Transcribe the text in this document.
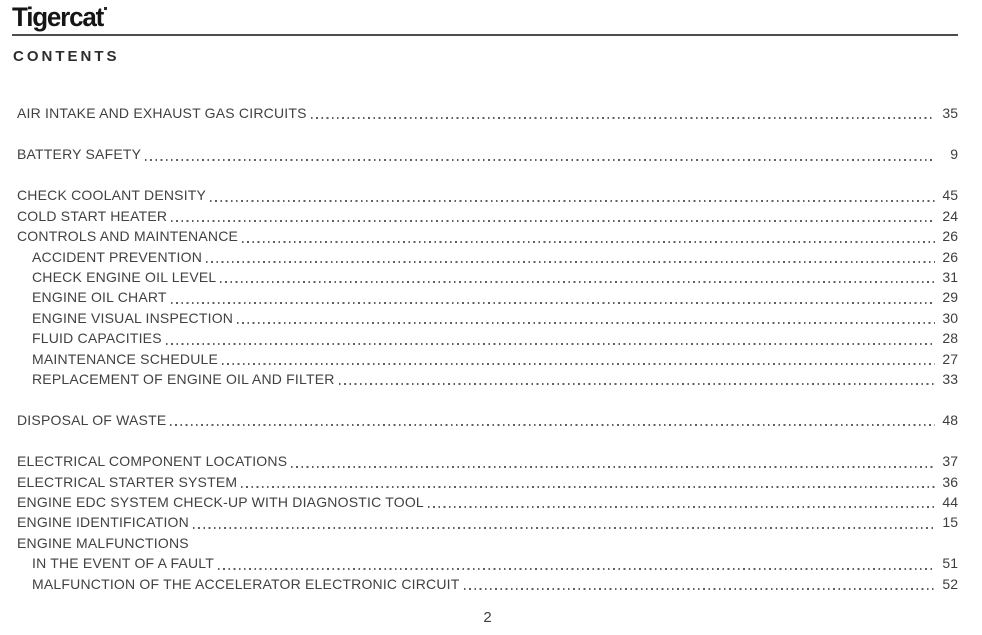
Tigercat
CONTENTS
AIR INTAKE AND EXHAUST GAS CIRCUITS	35
BATTERY SAFETY	9
CHECK COOLANT DENSITY	45
COLD START HEATER	24
CONTROLS AND MAINTENANCE	26
ACCIDENT PREVENTION	26
CHECK ENGINE OIL LEVEL	31
ENGINE OIL CHART	29
ENGINE VISUAL INSPECTION	30
FLUID CAPACITIES	28
MAINTENANCE SCHEDULE	27
REPLACEMENT OF ENGINE OIL AND FILTER	33
DISPOSAL OF WASTE	48
ELECTRICAL COMPONENT LOCATIONS	37
ELECTRICAL STARTER SYSTEM	36
ENGINE EDC SYSTEM CHECK-UP WITH DIAGNOSTIC TOOL	44
ENGINE IDENTIFICATION	15
ENGINE MALFUNCTIONS
IN THE EVENT OF A FAULT	51
MALFUNCTION OF THE ACCELERATOR ELECTRONIC CIRCUIT	52
2
